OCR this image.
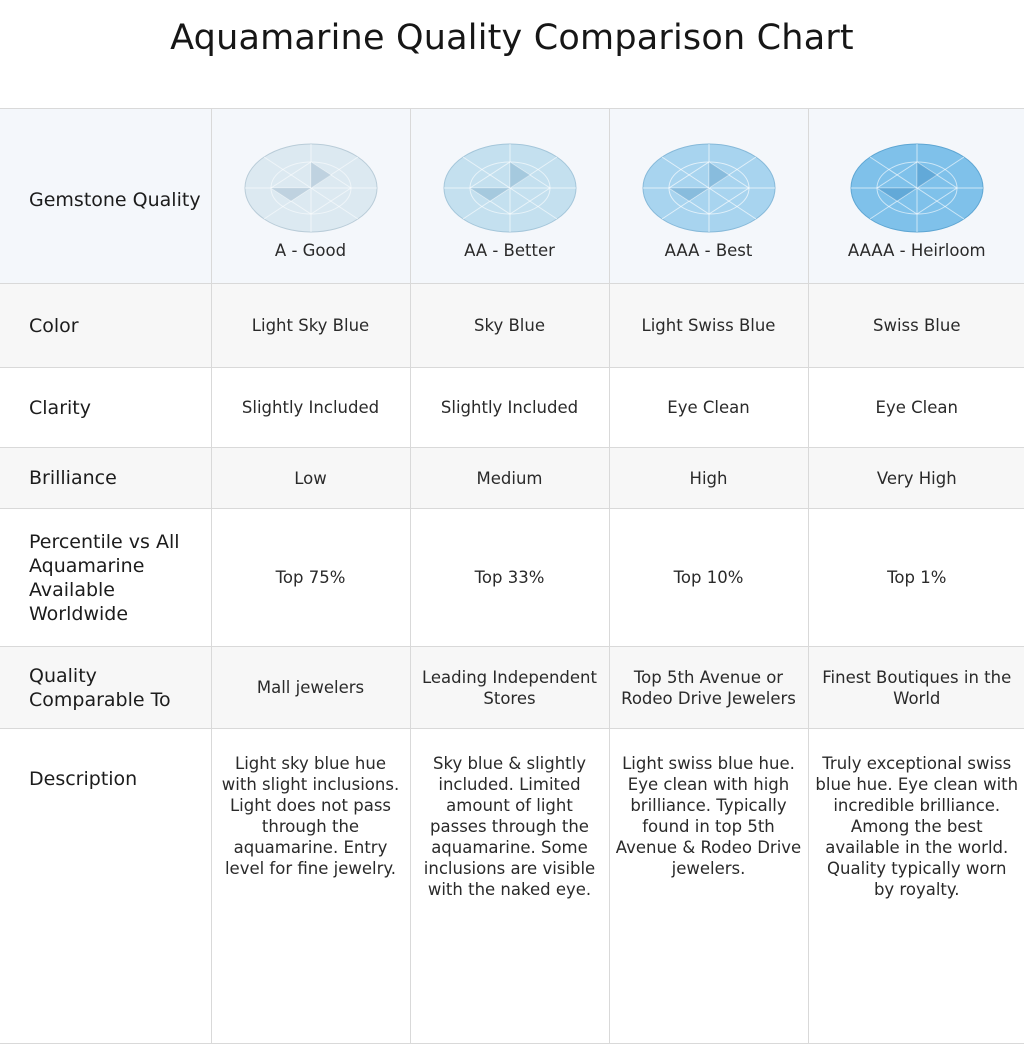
Aquamarine Quality Comparison Chart
Gemstone Quality	A - Good	AA - Better	AAA - Best	AAAA - Heirloom

Color	Light Sky Blue	Sky Blue	Light Swiss Blue	Swiss Blue
Clarity	Slightly Included	Slightly Included	Eye Clean	Eye Clean
Brilliance	Low	Medium	High	Very High
Percentile vs All Aquamarine Available Worldwide	Top 75%	Top 33%	Top 10%	Top 1%
Quality Comparable To	Mall jewelers	Leading Independent Stores	Top 5th Avenue or Rodeo Drive Jewelers	Finest Boutiques in the World

Description	Light sky blue hue with slight inclusions. Light does not pass through the aquamarine. Entry level for fine jewelry.	Sky blue & slightly included. Limited amount of light passes through the aquamarine. Some inclusions are visible with the naked eye.	Light swiss blue hue. Eye clean with high brilliance. Typically found in top 5th Avenue & Rodeo Drive jewelers.	Truly exceptional swiss blue hue. Eye clean with incredible brilliance. Among the best available in the world. Quality typically worn by royalty.
